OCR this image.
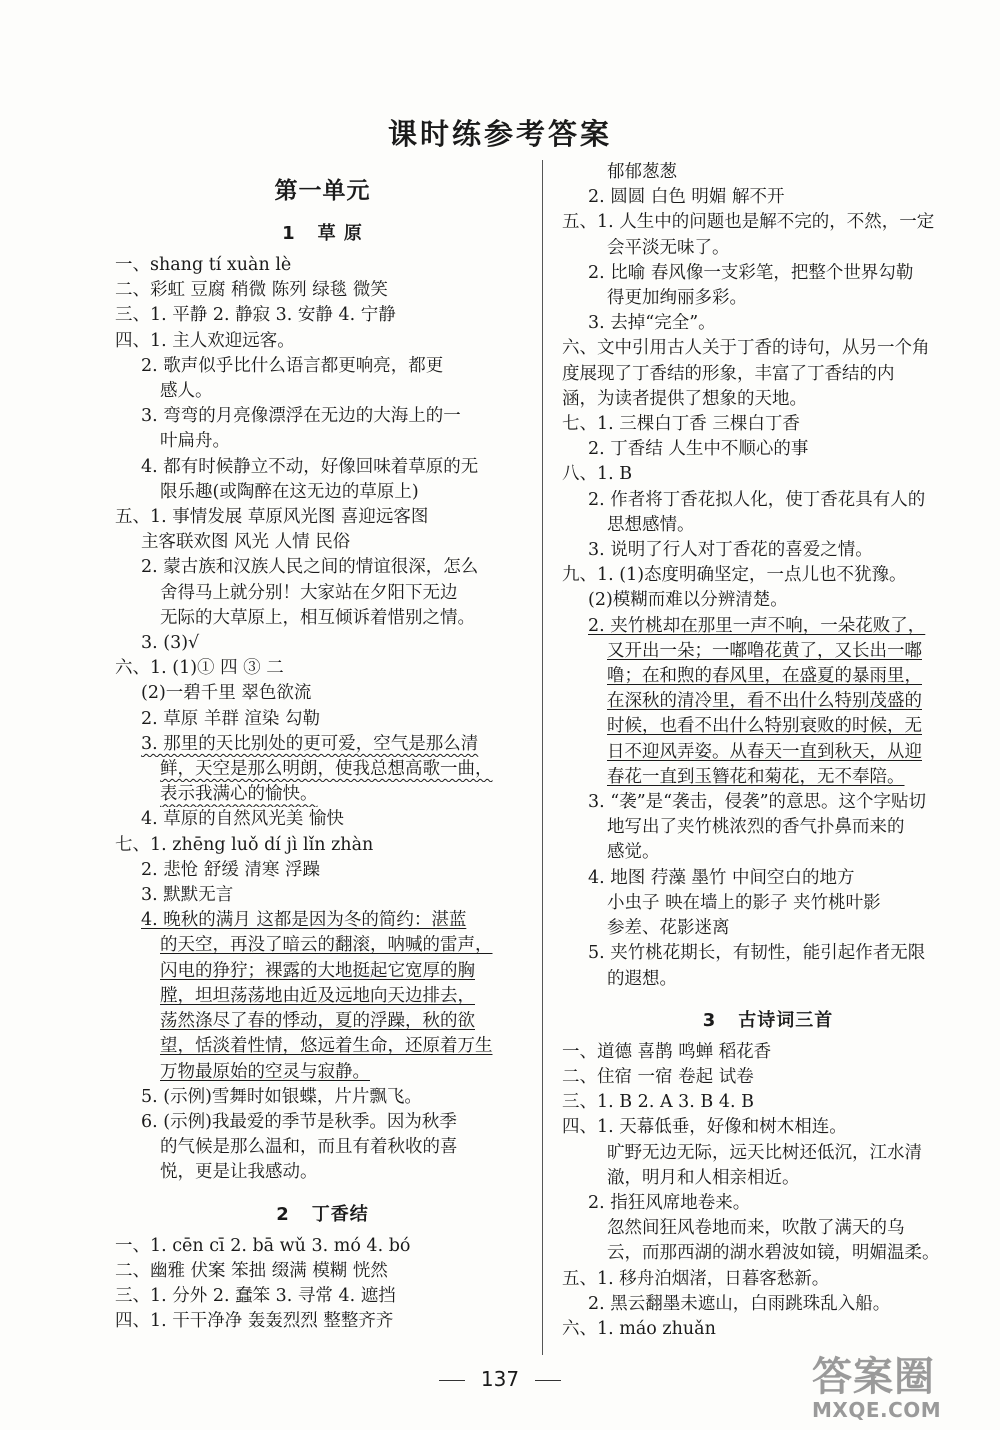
课时练参考答案
第一单元
1 草 原
一、shang tí xuàn lè
二、彩虹 豆腐 稍微 陈列 绿毯 微笑
三、1. 平静 2. 静寂 3. 安静 4. 宁静
四、1. 主人欢迎远客。
2. 歌声似乎比什么语言都更响亮，都更
感人。
3. 弯弯的月亮像漂浮在无边的大海上的一
叶扁舟。
4. 都有时候静立不动，好像回味着草原的无
限乐趣(或陶醉在这无边的草原上)
五、1. 事情发展 草原风光图 喜迎远客图
主客联欢图 风光 人情 民俗
2. 蒙古族和汉族人民之间的情谊很深，怎么
舍得马上就分别！大家站在夕阳下无边
无际的大草原上，相互倾诉着惜别之情。
3. (3)√
六、1. (1)① 四 ③ 二
(2)一碧千里 翠色欲流
2. 草原 羊群 渲染 勾勒
3. 那里的天比别处的更可爱，空气是那么清
鲜，天空是那么明朗，使我总想高歌一曲，
表示我满心的愉快。
4. 草原的自然风光美 愉快
七、1. zhēng luǒ dí jì lǐn zhàn
2. 悲怆 舒缓 清寒 浮躁
3. 默默无言
4. 晚秋的满月 这都是因为冬的简约：湛蓝
的天空，再没了暗云的翻滚，呐喊的雷声，
闪电的狰狞；裸露的大地挺起它宽厚的胸
膛，坦坦荡荡地由近及远地向天边排去，
荡然涤尽了春的悸动，夏的浮躁，秋的欲
望，恬淡着性情，悠远着生命，还原着万生
万物最原始的空灵与寂静。
5. (示例)雪舞时如银蝶，片片飘飞。
6. (示例)我最爱的季节是秋季。因为秋季
的气候是那么温和，而且有着秋收的喜
悦，更是让我感动。
2 丁香结
一、1. cēn cī 2. bā wǔ 3. mó 4. bó
二、幽雅 伏案 笨拙 缀满 模糊 恍然
三、1. 分外 2. 蠢笨 3. 寻常 4. 遮挡
四、1. 干干净净 轰轰烈烈 整整齐齐
郁郁葱葱
2. 圆圆 白色 明媚 解不开
五、1. 人生中的问题也是解不完的，不然，一定
会平淡无味了。
2. 比喻 春风像一支彩笔，把整个世界勾勒
得更加绚丽多彩。
3. 去掉“完全”。
六、文中引用古人关于丁香的诗句，从另一个角
度展现了丁香结的形象，丰富了丁香结的内
涵，为读者提供了想象的天地。
七、1. 三棵白丁香 三棵白丁香
2. 丁香结 人生中不顺心的事
八、1. B
2. 作者将丁香花拟人化，使丁香花具有人的
思想感情。
3. 说明了行人对丁香花的喜爱之情。
九、1. (1)态度明确坚定，一点儿也不犹豫。
(2)模糊而难以分辨清楚。
2. 夹竹桃却在那里一声不响，一朵花败了，
又开出一朵；一嘟噜花黄了，又长出一嘟
噜；在和煦的春风里，在盛夏的暴雨里，
在深秋的清冷里，看不出什么特别茂盛的
时候，也看不出什么特别衰败的时候，无
日不迎风弄姿。从春天一直到秋天，从迎
春花一直到玉簪花和菊花，无不奉陪。
3. “袭”是“袭击，侵袭”的意思。这个字贴切
地写出了夹竹桃浓烈的香气扑鼻而来的
感觉。
4. 地图 荇藻 墨竹 中间空白的地方
小虫子 映在墙上的影子 夹竹桃叶影
参差、花影迷离
5. 夹竹桃花期长，有韧性，能引起作者无限
的遐想。
3 古诗词三首
一、道德 喜鹊 鸣蝉 稻花香
二、住宿 一宿 卷起 试卷
三、1. B 2. A 3. B 4. B
四、1. 天幕低垂，好像和树木相连。
旷野无边无际，远天比树还低沉，江水清
澈，明月和人相亲相近。
2. 指狂风席地卷来。
忽然间狂风卷地而来，吹散了满天的乌
云，而那西湖的湖水碧波如镜，明媚温柔。
五、1. 移舟泊烟渚，日暮客愁新。
2. 黑云翻墨未遮山，白雨跳珠乱入船。
六、1. máo zhuǎn
137	答案圈
MXQE.COM
